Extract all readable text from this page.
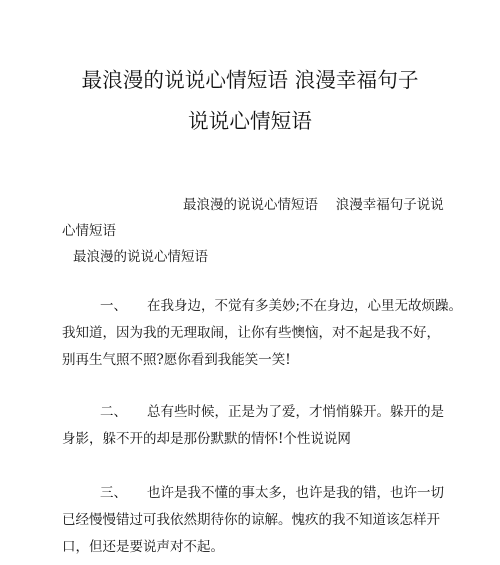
最浪漫的说说心情短语 浪漫幸福句子
说说心情短语
最浪漫的说说心情短语　 浪漫幸福句子说说
心情短语
最浪漫的说说心情短语
一、 在我身边，不觉有多美妙;不在身边，心里无故烦躁。
我知道，因为我的无理取闹，让你有些懊恼，对不起是我不好，
别再生气照不照?愿你看到我能笑一笑!
二、 总有些时候，正是为了爱，才悄悄躲开。躲开的是
身影，躲不开的却是那份默默的情怀!个性说说网
三、 也许是我不懂的事太多，也许是我的错，也许一切
已经慢慢错过可我依然期待你的谅解。愧疚的我不知道该怎样开
口，但还是要说声对不起。
